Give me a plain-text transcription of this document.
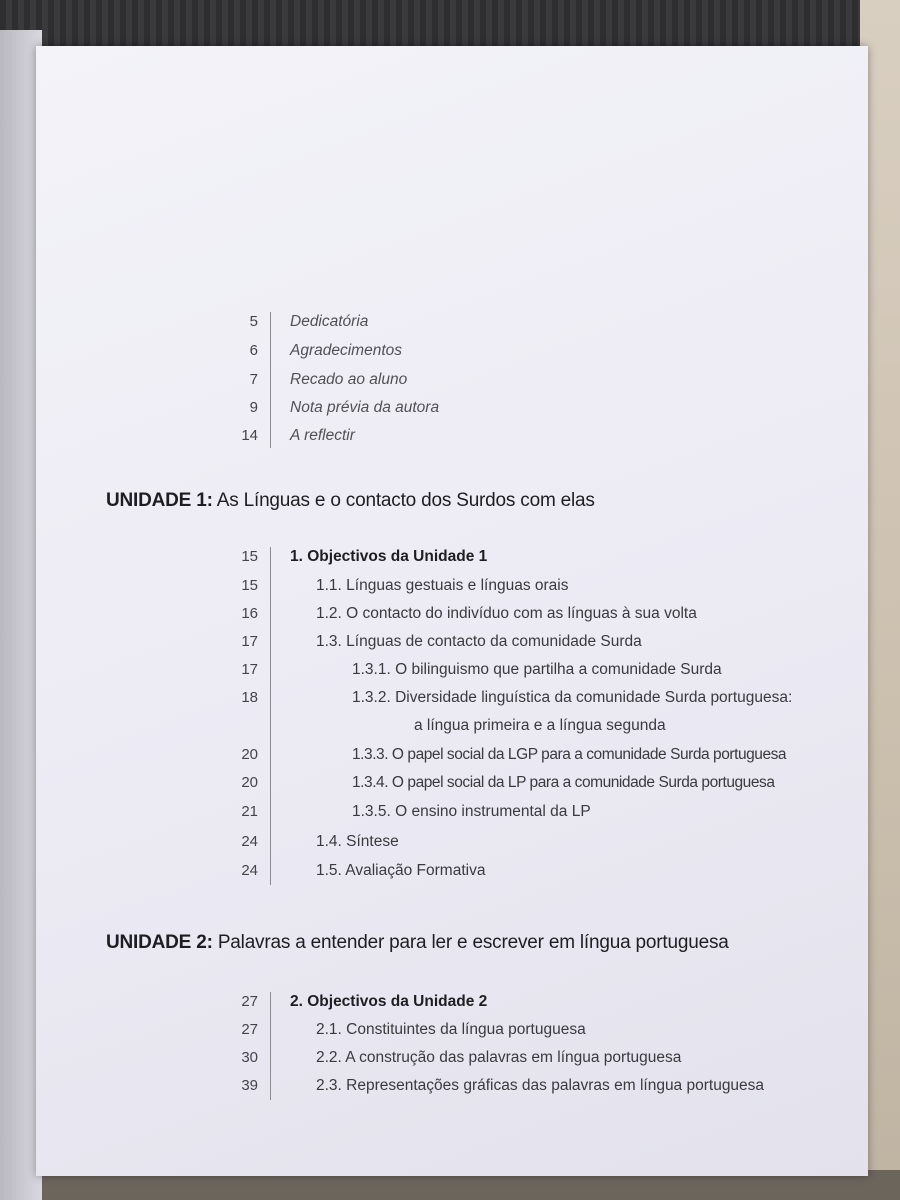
5 Dedicatória
6 Agradecimentos
7 Recado ao aluno
9 Nota prévia da autora
14 A reflectir
UNIDADE 1: As Línguas e o contacto dos Surdos com elas
15 1. Objectivos da Unidade 1
15	1.1. Línguas gestuais e línguas orais
16	1.2. O contacto do indivíduo com as línguas à sua volta
17	1.3. Línguas de contacto da comunidade Surda
17	1.3.1. O bilinguismo que partilha a comunidade Surda
18	1.3.2. Diversidade linguística da comunidade Surda portuguesa:
a língua primeira e a língua segunda
20	1.3.3. O papel social da LGP para a comunidade Surda portuguesa
20	1.3.4. O papel social da LP para a comunidade Surda portuguesa
21	1.3.5. O ensino instrumental da LP
24	1.4. Síntese
24	1.5. Avaliação Formativa
UNIDADE 2: Palavras a entender para ler e escrever em língua portuguesa
27 2. Objectivos da Unidade 2
27	2.1. Constituintes da língua portuguesa
30	2.2. A construção das palavras em língua portuguesa
39	2.3. Representações gráficas das palavras em língua portuguesa
